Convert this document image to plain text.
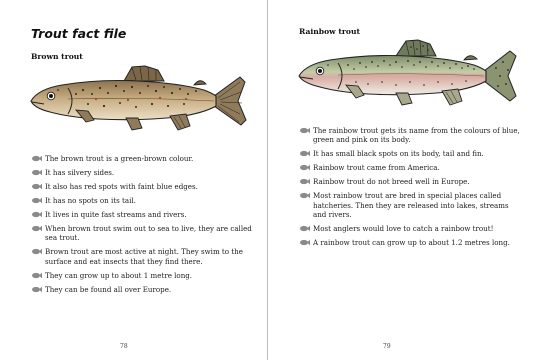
Trout fact file
Brown trout
The brown trout is a green-brown colour.
It has silvery sides.
It also has red spots with faint blue edges.
It has no spots on its tail.
It lives in quite fast streams and rivers.
When brown trout swim out to sea to live, they are called sea trout.
Brown trout are most active at night. They swim to the surface and eat insects that they find there.
They can grow up to about 1 metre long.
They can be found all over Europe.
78
Rainbow trout
The rainbow trout gets its name from the colours of blue, green and pink on its body.
It has small black spots on its body, tail and fin.
Rainbow trout came from America.
Rainbow trout do not breed well in Europe.
Most rainbow trout are bred in special places called hatcheries. Then they are released into lakes, streams and rivers.
Most anglers would love to catch a rainbow trout!
A rainbow trout can grow up to about 1.2 metres long.
79
